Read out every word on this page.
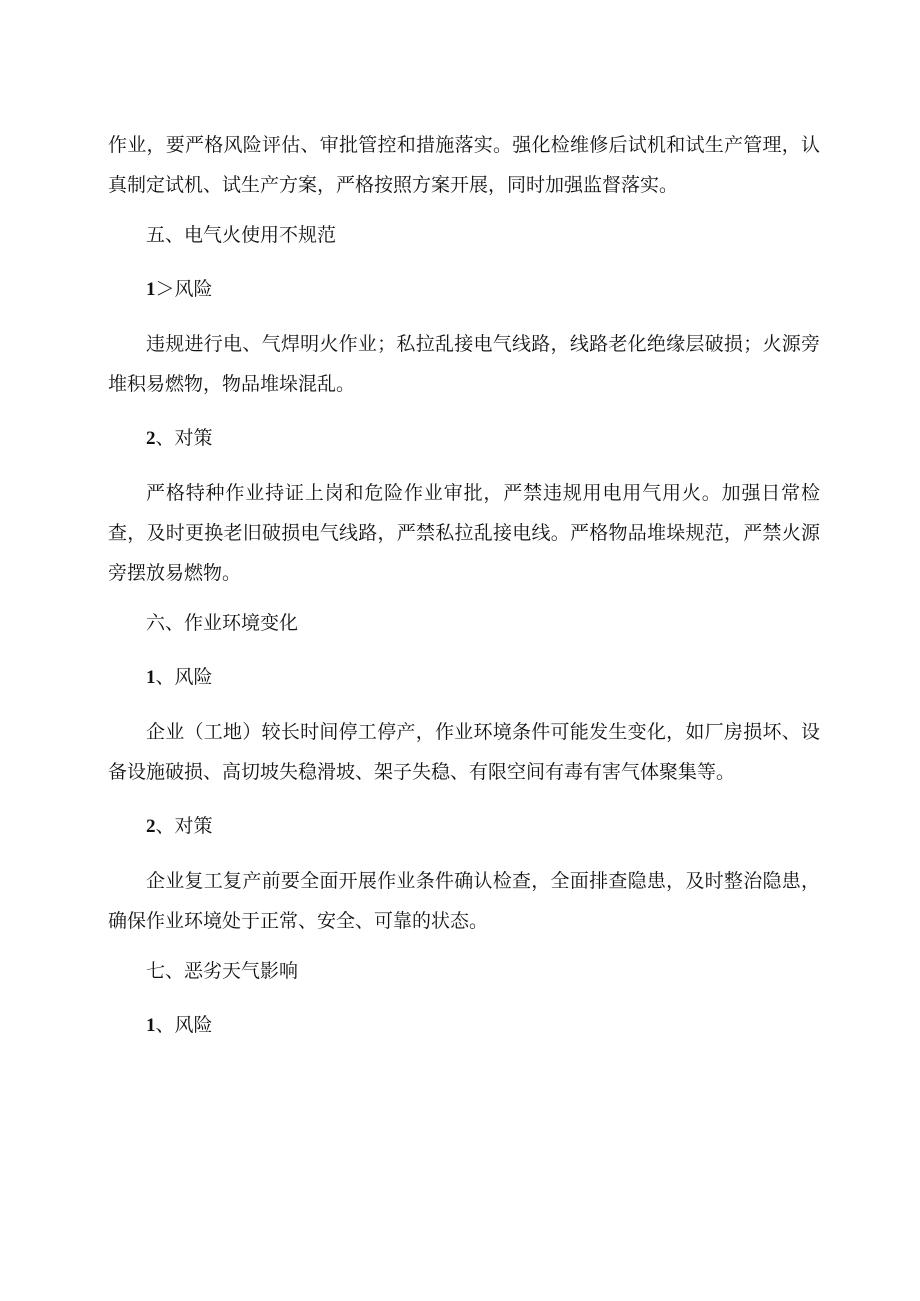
作业，要严格风险评估、审批管控和措施落实。强化检维修后试机和试生产管理，认真制定试机、试生产方案，严格按照方案开展，同时加强监督落实。

五、电气火使用不规范

1＞风险

违规进行电、气焊明火作业；私拉乱接电气线路，线路老化绝缘层破损；火源旁堆积易燃物，物品堆垛混乱。

2、对策

严格特种作业持证上岗和危险作业审批，严禁违规用电用气用火。加强日常检查，及时更换老旧破损电气线路，严禁私拉乱接电线。严格物品堆垛规范，严禁火源旁摆放易燃物。

六、作业环境变化

1、风险

企业（工地）较长时间停工停产，作业环境条件可能发生变化，如厂房损坏、设备设施破损、高切坡失稳滑坡、架子失稳、有限空间有毒有害气体聚集等。

2、对策

企业复工复产前要全面开展作业条件确认检查，全面排查隐患，及时整治隐患，确保作业环境处于正常、安全、可靠的状态。

七、恶劣天气影响

1、风险
